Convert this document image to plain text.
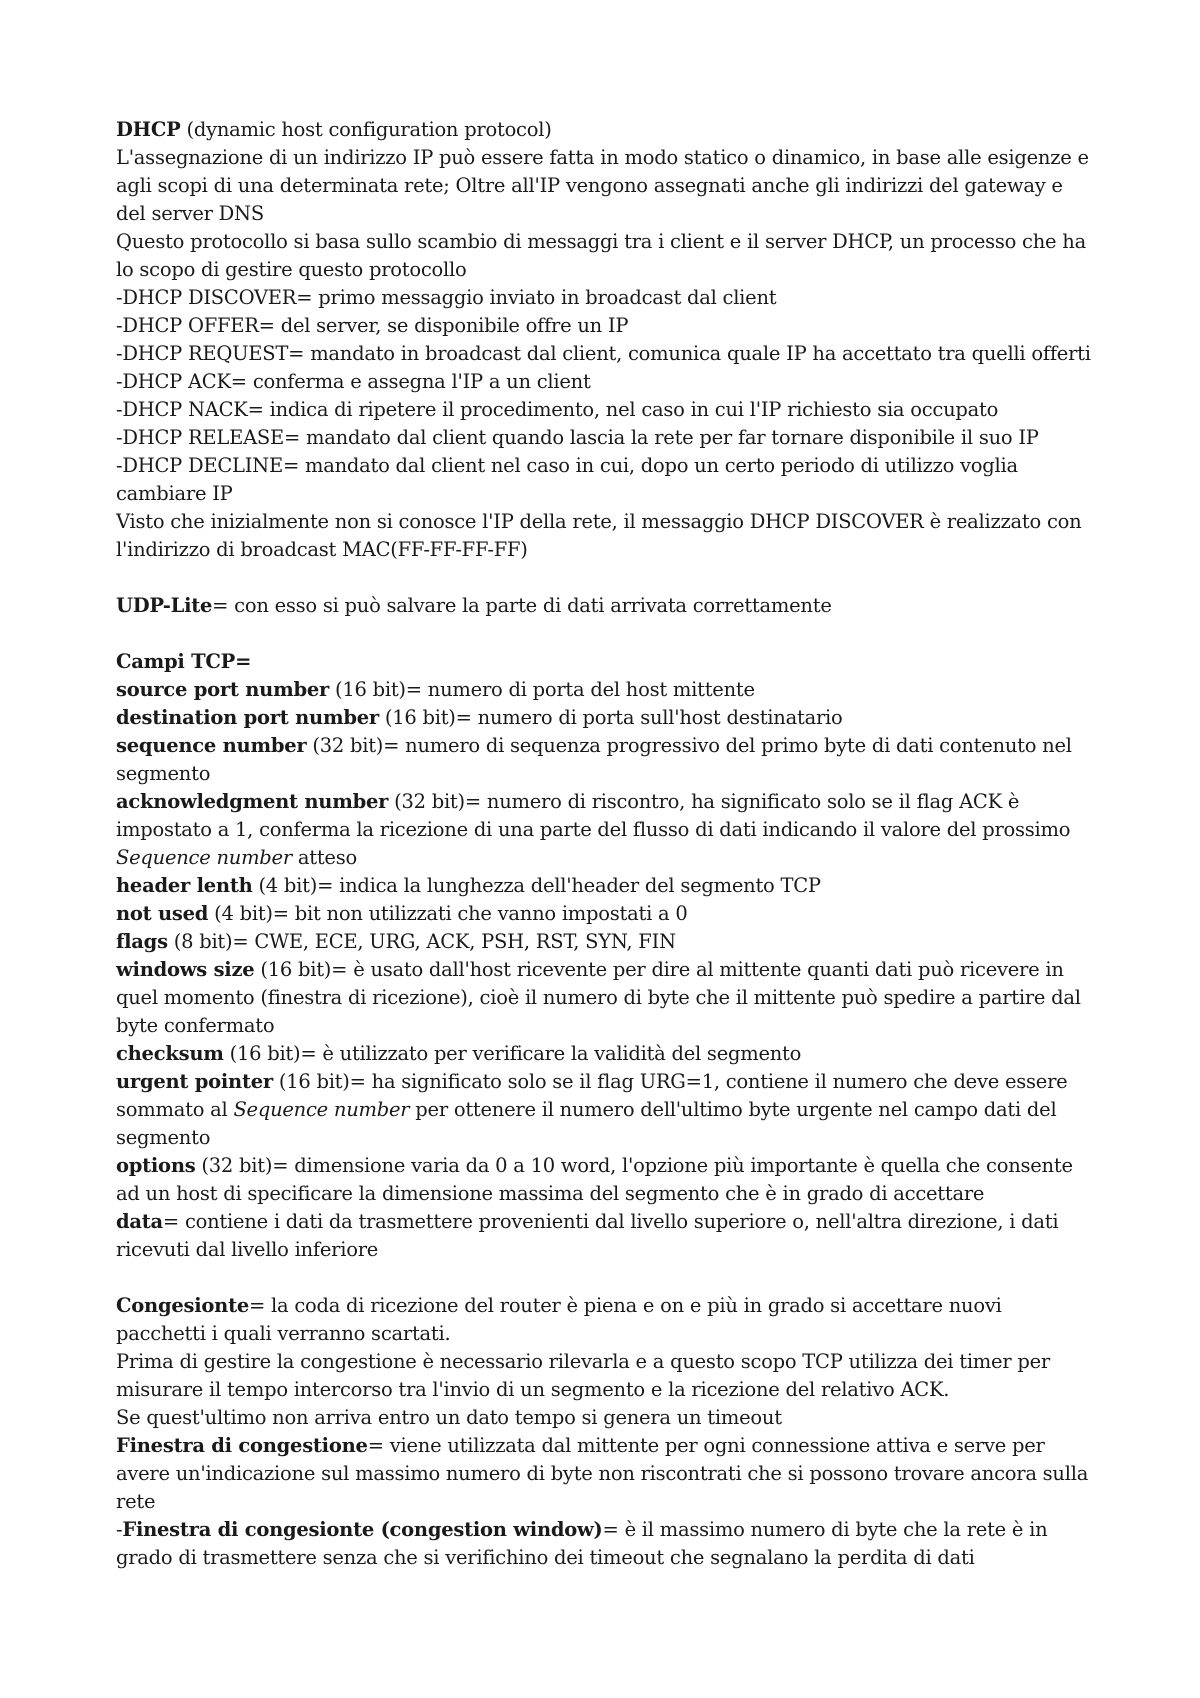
DHCP (dynamic host configuration protocol)

L'assegnazione di un indirizzo IP può essere fatta in modo statico o dinamico, in base alle esigenze e agli scopi di una determinata rete; Oltre all'IP vengono assegnati anche gli indirizzi del gateway e del server DNS

Questo protocollo si basa sullo scambio di messaggi tra i client e il server DHCP, un processo che ha lo scopo di gestire questo protocollo

-DHCP DISCOVER= primo messaggio inviato in broadcast dal client

-DHCP OFFER= del server, se disponibile offre un IP

-DHCP REQUEST= mandato in broadcast dal client, comunica quale IP ha accettato tra quelli offerti

-DHCP ACK= conferma e assegna l'IP a un client

-DHCP NACK= indica di ripetere il procedimento, nel caso in cui l'IP richiesto sia occupato

-DHCP RELEASE= mandato dal client quando lascia la rete per far tornare disponibile il suo IP

-DHCP DECLINE= mandato dal client nel caso in cui, dopo un certo periodo di utilizzo voglia cambiare IP

Visto che inizialmente non si conosce l'IP della rete, il messaggio DHCP DISCOVER è realizzato con l'indirizzo di broadcast MAC(FF-FF-FF-FF)

UDP-Lite= con esso si può salvare la parte di dati arrivata correttamente

Campi TCP=

source port number (16 bit)= numero di porta del host mittente

destination port number (16 bit)= numero di porta sull'host destinatario

sequence number (32 bit)= numero di sequenza progressivo del primo byte di dati contenuto nel segmento

acknowledgment number (32 bit)= numero di riscontro, ha significato solo se il flag ACK è impostato a 1, conferma la ricezione di una parte del flusso di dati indicando il valore del prossimo Sequence number atteso

header lenth (4 bit)= indica la lunghezza dell'header del segmento TCP

not used (4 bit)= bit non utilizzati che vanno impostati a 0

flags (8 bit)= CWE, ECE, URG, ACK, PSH, RST, SYN, FIN

windows size (16 bit)= è usato dall'host ricevente per dire al mittente quanti dati può ricevere in quel momento (finestra di ricezione), cioè il numero di byte che il mittente può spedire a partire dal byte confermato

checksum (16 bit)= è utilizzato per verificare la validità del segmento

urgent pointer (16 bit)= ha significato solo se il flag URG=1, contiene il numero che deve essere sommato al Sequence number per ottenere il numero dell'ultimo byte urgente nel campo dati del segmento

options (32 bit)= dimensione varia da 0 a 10 word, l'opzione più importante è quella che consente ad un host di specificare la dimensione massima del segmento che è in grado di accettare

data= contiene i dati da trasmettere provenienti dal livello superiore o, nell'altra direzione, i dati ricevuti dal livello inferiore

Congesionte= la coda di ricezione del router è piena e on e più in grado si accettare nuovi pacchetti i quali verranno scartati.

Prima di gestire la congestione è necessario rilevarla e a questo scopo TCP utilizza dei timer per misurare il tempo intercorso tra l'invio di un segmento e la ricezione del relativo ACK.

Se quest'ultimo non arriva entro un dato tempo si genera un timeout

Finestra di congestione= viene utilizzata dal mittente per ogni connessione attiva e serve per avere un'indicazione sul massimo numero di byte non riscontrati che si possono trovare ancora sulla rete

-Finestra di congesionte (congestion window)= è il massimo numero di byte che la rete è in grado di trasmettere senza che si verifichino dei timeout che segnalano la perdita di dati
